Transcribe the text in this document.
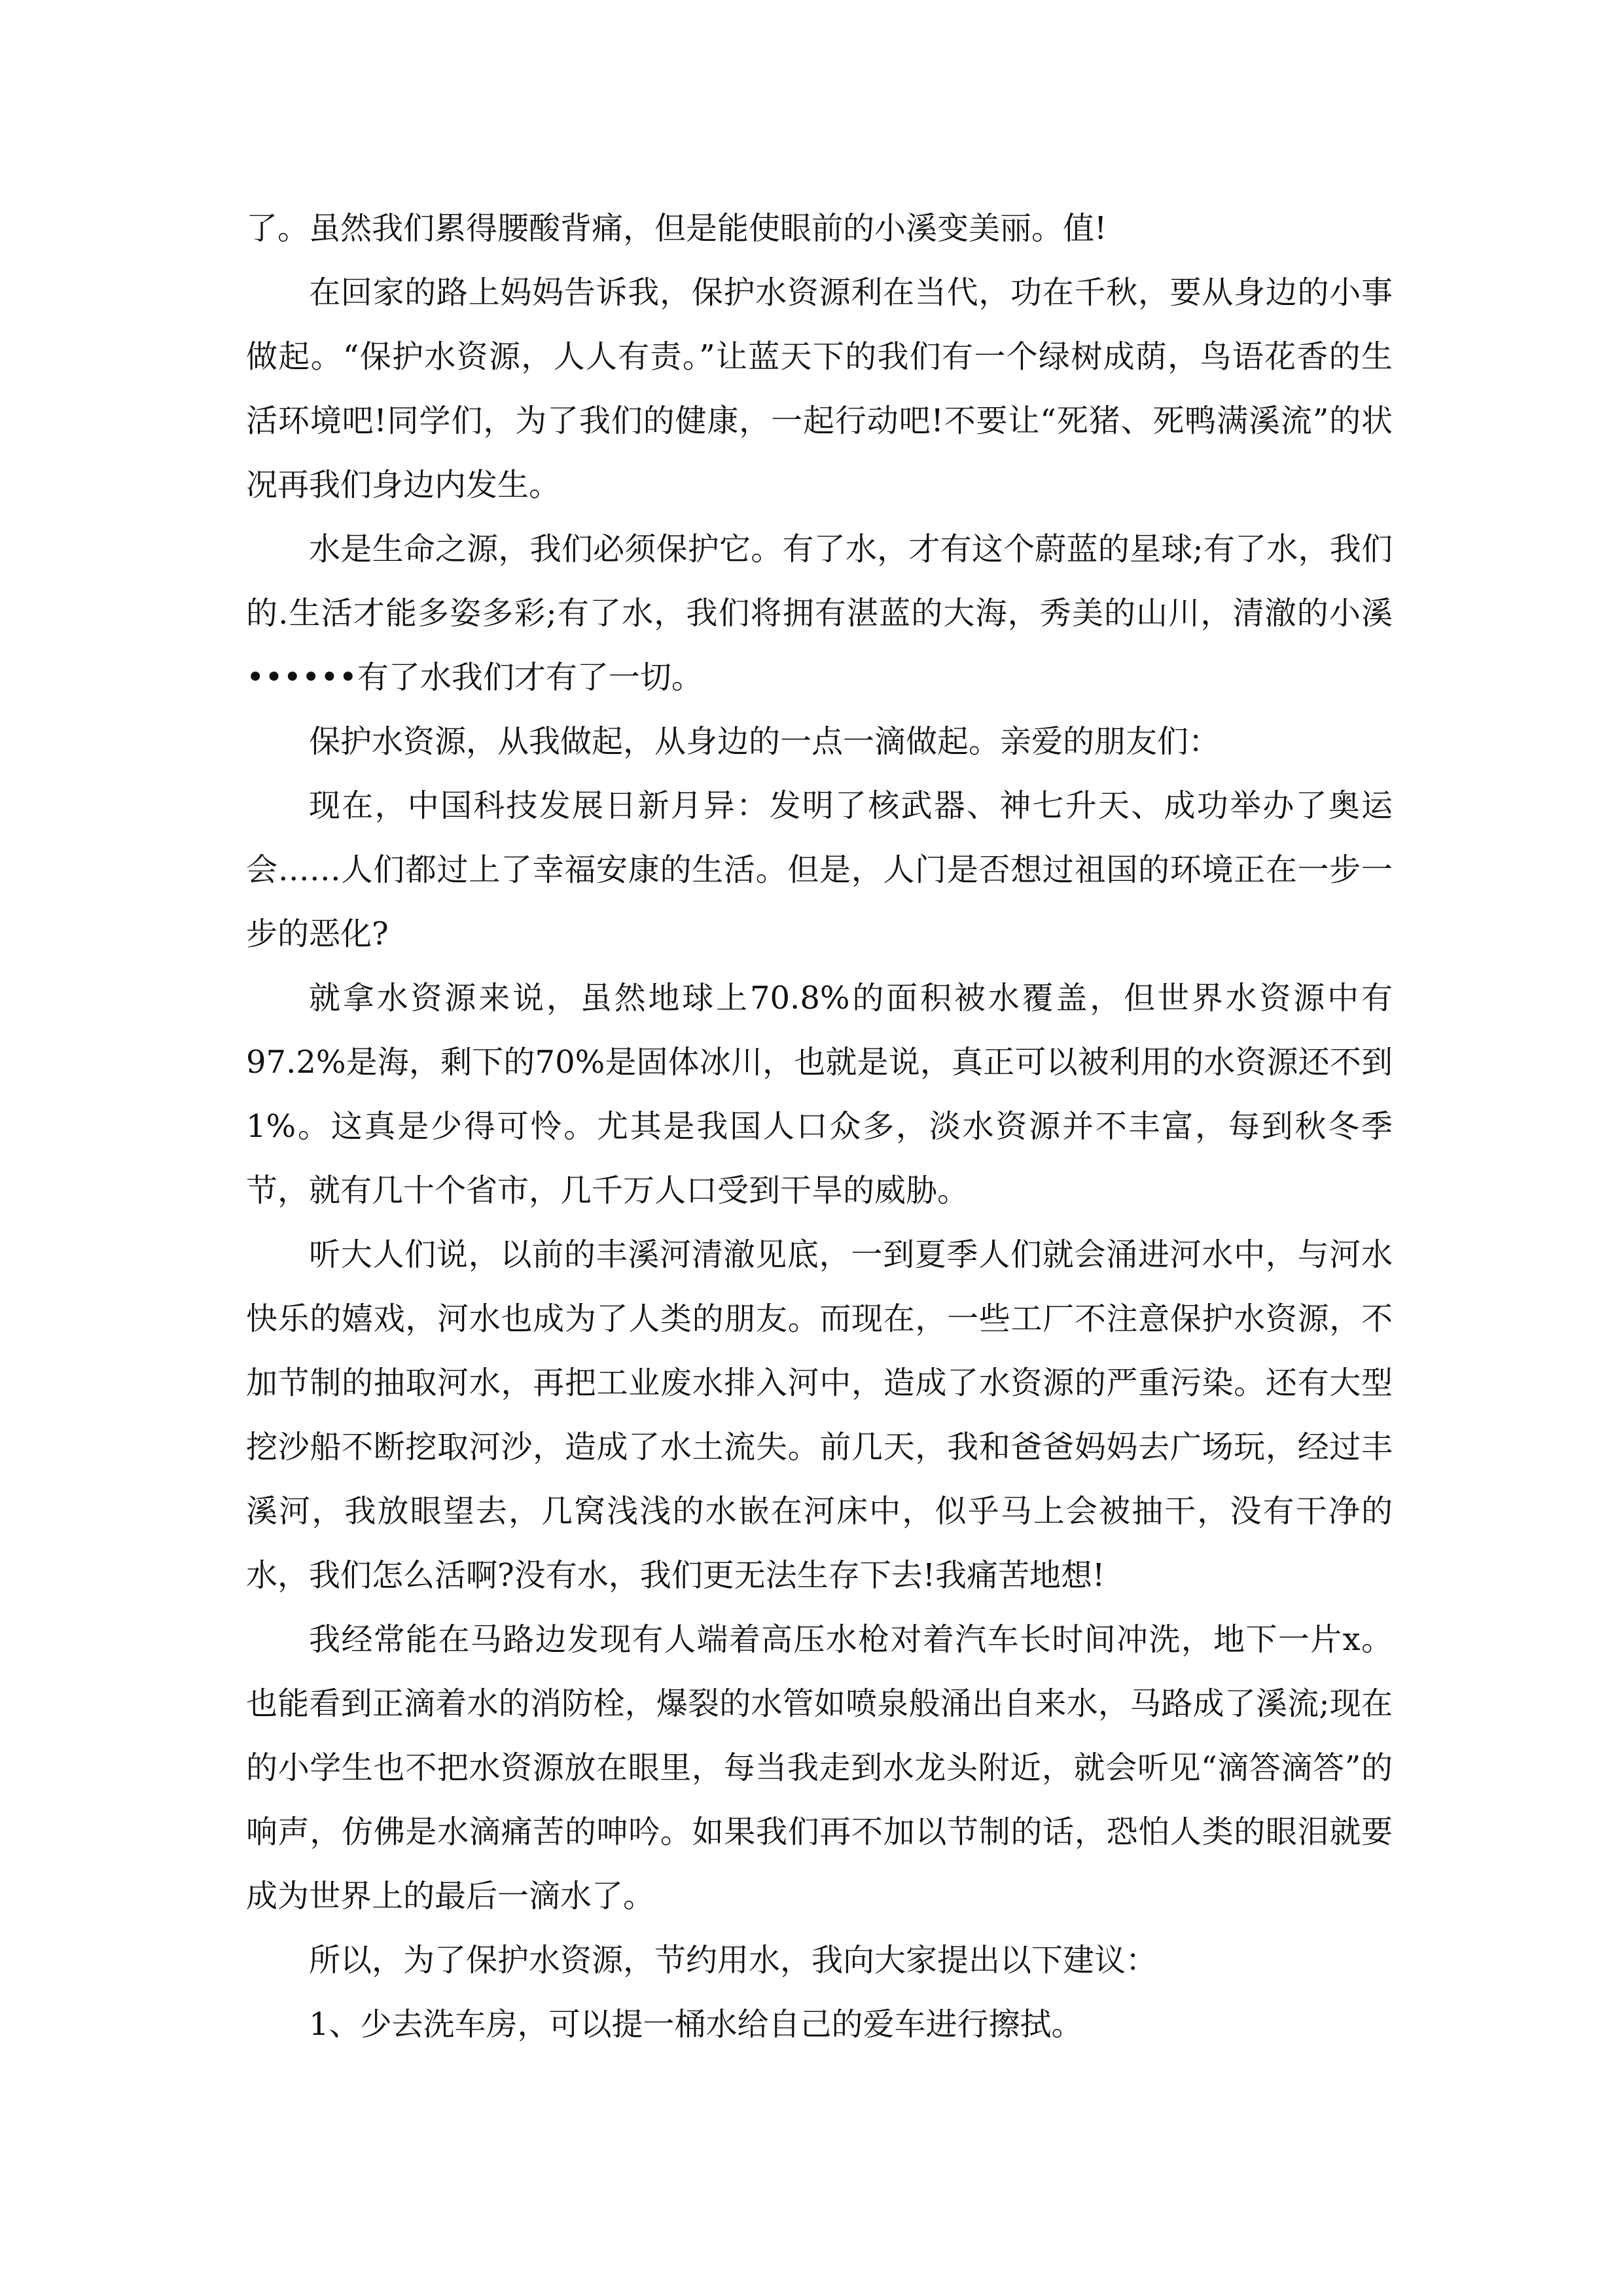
了。虽然我们累得腰酸背痛，但是能使眼前的小溪变美丽。值!

在回家的路上妈妈告诉我，保护水资源利在当代，功在千秋，要从身边的小事做起。“保护水资源，人人有责。”让蓝天下的我们有一个绿树成荫，鸟语花香的生活环境吧!同学们，为了我们的健康，一起行动吧!不要让“死猪、死鸭满溪流”的状况再我们身边内发生。

水是生命之源，我们必须保护它。有了水，才有这个蔚蓝的星球;有了水，我们的.生活才能多姿多彩;有了水，我们将拥有湛蓝的大海，秀美的山川，清澈的小溪••••••有了水我们才有了一切。

保护水资源，从我做起，从身边的一点一滴做起。亲爱的朋友们：

现在，中国科技发展日新月异：发明了核武器、神七升天、成功举办了奥运会……人们都过上了幸福安康的生活。但是，人门是否想过祖国的环境正在一步一步的恶化?

就拿水资源来说，虽然地球上70.8%的面积被水覆盖，但世界水资源中有97.2%是海，剩下的70%是固体冰川，也就是说，真正可以被利用的水资源还不到1%。这真是少得可怜。尤其是我国人口众多，淡水资源并不丰富，每到秋冬季节，就有几十个省市，几千万人口受到干旱的威胁。

听大人们说，以前的丰溪河清澈见底，一到夏季人们就会涌进河水中，与河水快乐的嬉戏，河水也成为了人类的朋友。而现在，一些工厂不注意保护水资源，不加节制的抽取河水，再把工业废水排入河中，造成了水资源的严重污染。还有大型挖沙船不断挖取河沙，造成了水土流失。前几天，我和爸爸妈妈去广场玩，经过丰溪河，我放眼望去，几窝浅浅的水嵌在河床中，似乎马上会被抽干，没有干净的水，我们怎么活啊?没有水，我们更无法生存下去!我痛苦地想!

我经常能在马路边发现有人端着高压水枪对着汽车长时间冲洗，地下一片x。也能看到正滴着水的消防栓，爆裂的水管如喷泉般涌出自来水，马路成了溪流;现在的小学生也不把水资源放在眼里，每当我走到水龙头附近，就会听见“滴答滴答”的响声，仿佛是水滴痛苦的呻吟。如果我们再不加以节制的话，恐怕人类的眼泪就要成为世界上的最后一滴水了。

所以，为了保护水资源，节约用水，我向大家提出以下建议：

1、少去洗车房，可以提一桶水给自己的爱车进行擦拭。
